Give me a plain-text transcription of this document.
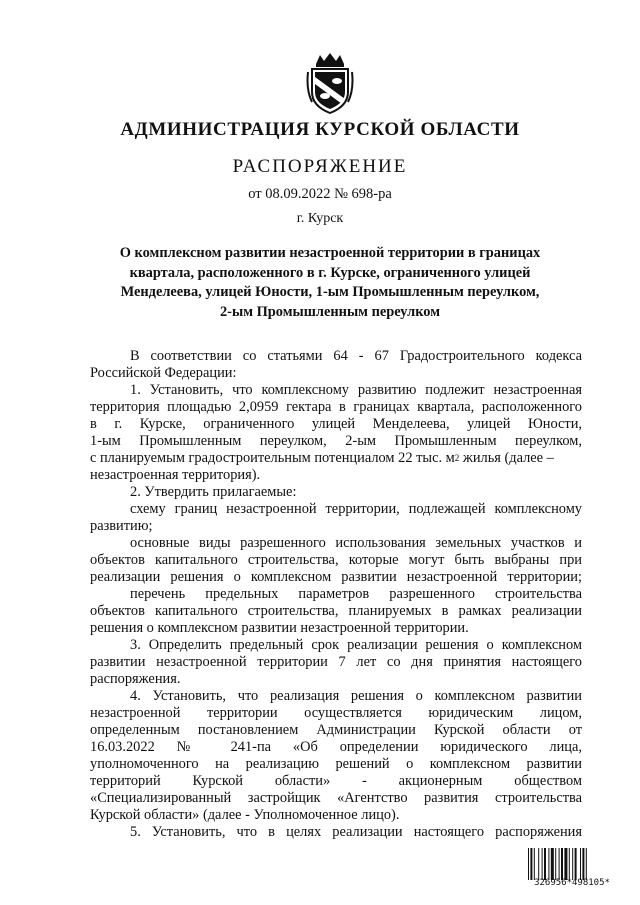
АДМИНИСТРАЦИЯ КУРСКОЙ ОБЛАСТИ
РАСПОРЯЖЕНИЕ
от 08.09.2022 № 698-ра
г. Курск
О комплексном развитии незастроенной территории в границах
квартала, расположенного в г. Курске, ограниченного улицей
Менделеева, улицей Юности, 1-ым Промышленным переулком,
2-ым Промышленным переулком
В соответствии со статьями 64 - 67 Градостроительного кодекса
Российской Федерации:
1. Установить, что комплексному развитию подлежит незастроенная
территория площадью 2,0959 гектара в границах квартала, расположенного
в г. Курске, ограниченного улицей Менделеева, улицей Юности,
1-ым Промышленным переулком, 2-ым Промышленным переулком,
с планируемым градостроительным потенциалом 22 тыс. $м^2$ жилья (далее –
незастроенная территория).
2. Утвердить прилагаемые:
схему границ незастроенной территории, подлежащей комплексному
развитию;
основные виды разрешенного использования земельных участков и
объектов капитального строительства, которые могут быть выбраны при
реализации решения о комплексном развитии незастроенной территории;
перечень предельных параметров разрешенного строительства
объектов капитального строительства, планируемых в рамках реализации
решения о комплексном развитии незастроенной территории.
3. Определить предельный срок реализации решения о комплексном
развитии незастроенной территории 7 лет со дня принятия настоящего
распоряжения.
4. Установить, что реализация решения о комплексном развитии
незастроенной территории осуществляется юридическим лицом,
определенным постановлением Администрации Курской области от
16.03.2022 № 241-па «Об определении юридического лица,
уполномоченного на реализацию решений о комплексном развитии
территорий Курской области» - акционерным обществом
«Специализированный застройщик «Агентство развития строительства
Курской области» (далее - Уполномоченное лицо).
5. Установить, что в целях реализации настоящего распоряжения
326956*498105*
